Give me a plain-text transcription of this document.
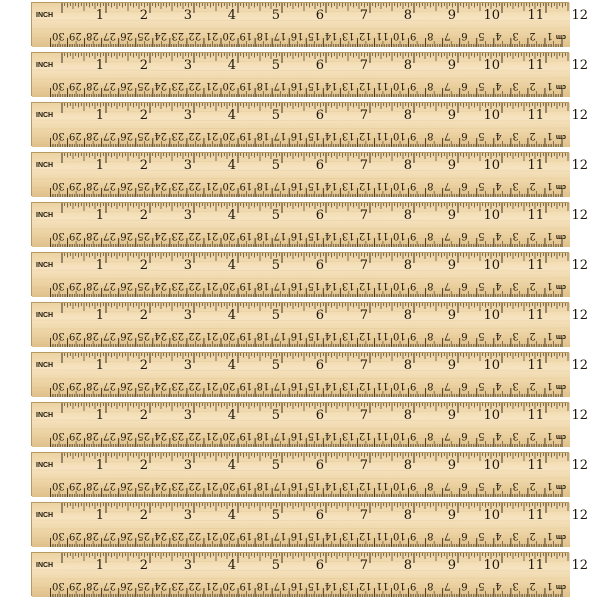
INCH	1	2	3	4	5	6	7	8	9 10 11 12
cm
1
2
3
4
5
6
7
8
9
10
11
12
13
14
15
16
17
18
19
20
21
22
23
24
25
26
27
28
29
30
INCH	1	2	3	4	5	6	7	8	9 10 11 12
cm
1
2
3
4
5
6
7
8
9
10
11
12
13
14
15
16
17
18
19
20
21
22
23
24
25
26
27
28
29
30
INCH	1	2	3	4	5	6	7	8	9 10 11 12
cm
1
2
3
4
5
6
7
8
9
10
11
12
13
14
15
16
17
18
19
20
21
22
23
24
25
26
27
28
29
30
INCH	1	2	3	4	5	6	7	8	9 10 11 12
cm
1
2
3
4
5
6
7
8
9
10
11
12
13
14
15
16
17
18
19
20
21
22
23
24
25
26
27
28
29
30
INCH	1	2	3	4	5	6	7	8	9 10 11 12
cm
1
2
3
4
5
6
7
8
9
10
11
12
13
14
15
16
17
18
19
20
21
22
23
24
25
26
27
28
29
30
INCH	1	2	3	4	5	6	7	8	9 10 11 12
cm
1
2
3
4
5
6
7
8
9
10
11
12
13
14
15
16
17
18
19
20
21
22
23
24
25
26
27
28
29
30
INCH	1	2	3	4	5	6	7	8	9 10 11 12
cm
1
2
3
4
5
6
7
8
9
10
11
12
13
14
15
16
17
18
19
20
21
22
23
24
25
26
27
28
29
30
INCH	1	2	3	4	5	6	7	8	9 10 11 12
cm
1
2
3
4
5
6
7
8
9
10
11
12
13
14
15
16
17
18
19
20
21
22
23
24
25
26
27
28
29
30
INCH	1	2	3	4	5	6	7	8	9 10 11 12
cm
1
2
3
4
5
6
7
8
9
10
11
12
13
14
15
16
17
18
19
20
21
22
23
24
25
26
27
28
29
30
INCH	1	2	3	4	5	6	7	8	9 10 11 12
cm
1
2
3
4
5
6
7
8
9
10
11
12
13
14
15
16
17
18
19
20
21
22
23
24
25
26
27
28
29
30
INCH	1	2	3	4	5	6	7	8	9 10 11 12
cm
1
2
3
4
5
6
7
8
9
10
11
12
13
14
15
16
17
18
19
20
21
22
23
24
25
26
27
28
29
30
INCH	1	2	3	4	5	6	7	8	9 10 11 12
cm
1
2
3
4
5
6
7
8
9
10
11
12
13
14
15
16
17
18
19
20
21
22
23
24
25
26
27
28
29
30
